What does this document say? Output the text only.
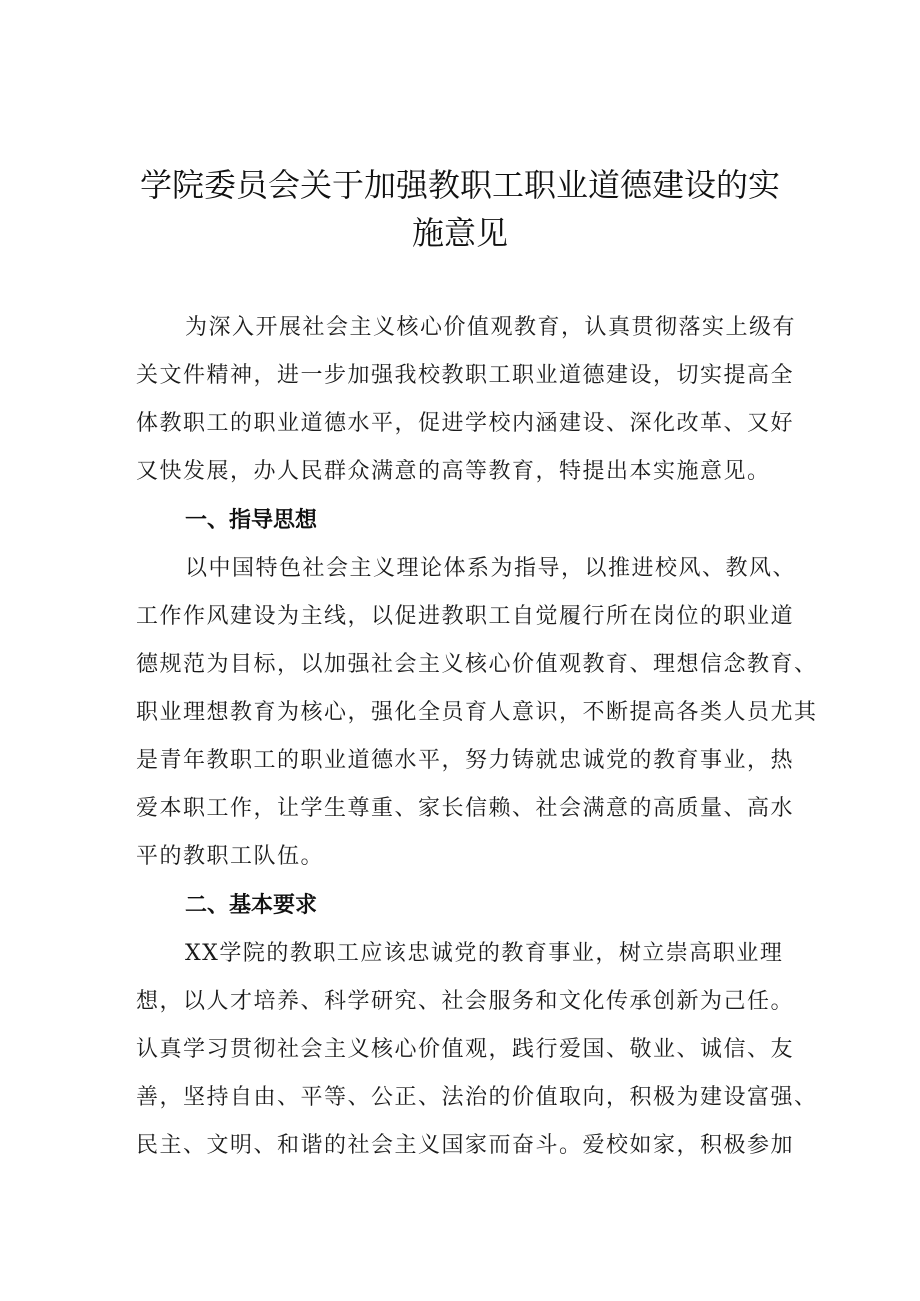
学院委员会关于加强教职工职业道德建设的实
施意见
为深入开展社会主义核心价值观教育，认真贯彻落实上级有
关文件精神，进一步加强我校教职工职业道德建设，切实提高全
体教职工的职业道德水平，促进学校内涵建设、深化改革、又好
又快发展，办人民群众满意的高等教育，特提出本实施意见。
一、指导思想
以中国特色社会主义理论体系为指导，以推进校风、教风、
工作作风建设为主线，以促进教职工自觉履行所在岗位的职业道
德规范为目标，以加强社会主义核心价值观教育、理想信念教育、
职业理想教育为核心，强化全员育人意识，不断提高各类人员尤其
是青年教职工的职业道德水平，努力铸就忠诚党的教育事业，热
爱本职工作，让学生尊重、家长信赖、社会满意的高质量、高水
平的教职工队伍。
二、基本要求
XX学院的教职工应该忠诚党的教育事业，树立崇高职业理
想，以人才培养、科学研究、社会服务和文化传承创新为己任。
认真学习贯彻社会主义核心价值观，践行爱国、敬业、诚信、友
善，坚持自由、平等、公正、法治的价值取向，积极为建设富强、
民主、文明、和谐的社会主义国家而奋斗。爱校如家，积极参加
